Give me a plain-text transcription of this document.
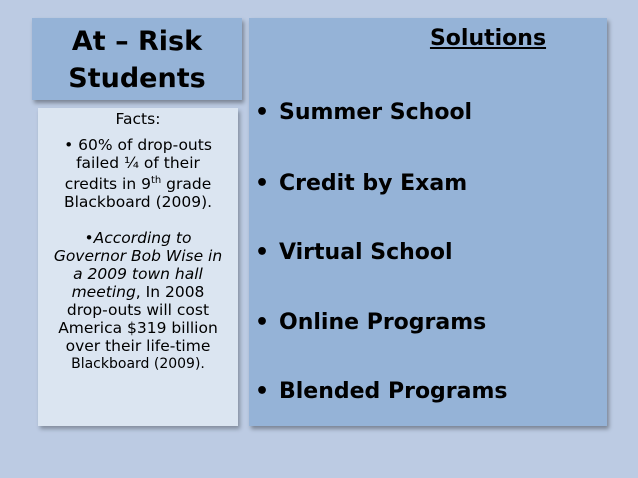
At – Risk
Students

Facts:

• 60% of drop-outs

failed ¼ of their

credits in 9th grade

Blackboard (2009).

•According to

Governor Bob Wise in

a 2009 town hall

meeting, In 2008

drop-outs will cost

America $319 billion

over their life-time

Blackboard (2009).

Solutions
• Summer School
• Credit by Exam
• Virtual School
• Online Programs
• Blended Programs
